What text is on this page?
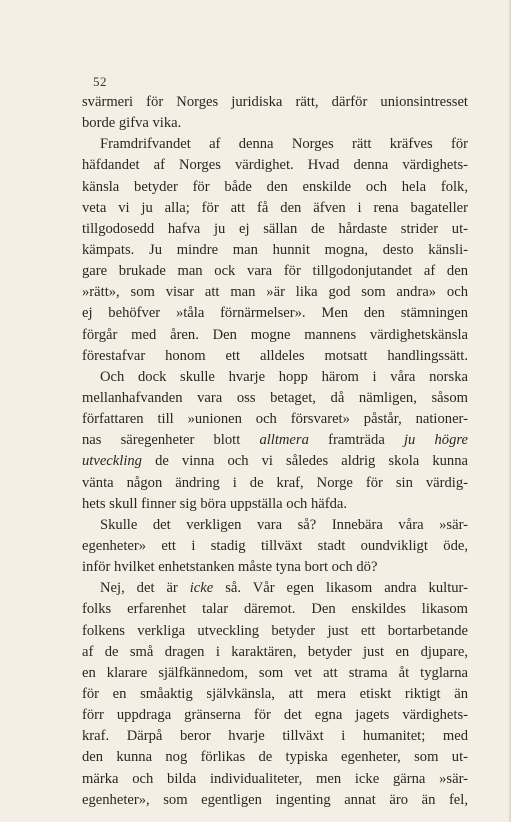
52
svärmeri för Norges juridiska rätt, därför unionsintresset
borde gifva vika.
Framdrifvandet af denna Norges rätt kräfves för
häfdandet af Norges värdighet. Hvad denna värdighets-
känsla betyder för både den enskilde och hela folk,
veta vi ju alla; för att få den äfven i rena bagateller
tillgodosedd hafva ju ej sällan de hårdaste strider ut-
kämpats. Ju mindre man hunnit mogna, desto känsli-
gare brukade man ock vara för tillgodonjutandet af den
»rätt», som visar att man »är lika god som andra» och
ej behöfver »tåla förnärmelser». Men den stämningen
förgår med åren. Den mogne mannens värdighetskänsla
förestafvar honom ett alldeles motsatt handlingssätt.
Och dock skulle hvarje hopp härom i våra norska
mellanhafvanden vara oss betaget, då nämligen, såsom
författaren till »unionen och försvaret» påstår, nationer-
nas säregenheter blott alltmera framträda ju högre
utveckling de vinna och vi således aldrig skola kunna
vänta någon ändring i de kraf, Norge för sin värdig-
hets skull finner sig böra uppställa och häfda.
Skulle det verkligen vara så? Innebära våra »sär-
egenheter» ett i stadig tillväxt stadt oundvikligt öde,
inför hvilket enhetstanken måste tyna bort och dö?
Nej, det är icke så. Vår egen likasom andra kultur-
folks erfarenhet talar däremot. Den enskildes likasom
folkens verkliga utveckling betyder just ett bortarbetande
af de små dragen i karaktären, betyder just en djupare,
en klarare själfkännedom, som vet att strama åt tyglarna
för en småaktig självkänsla, att mera etiskt riktigt än
förr uppdraga gränserna för det egna jagets värdighets-
kraf. Därpå beror hvarje tillväxt i humanitet; med
den kunna nog förlikas de typiska egenheter, som ut-
märka och bilda individualiteter, men icke gärna »sär-
egenheter», som egentligen ingenting annat äro än fel,
